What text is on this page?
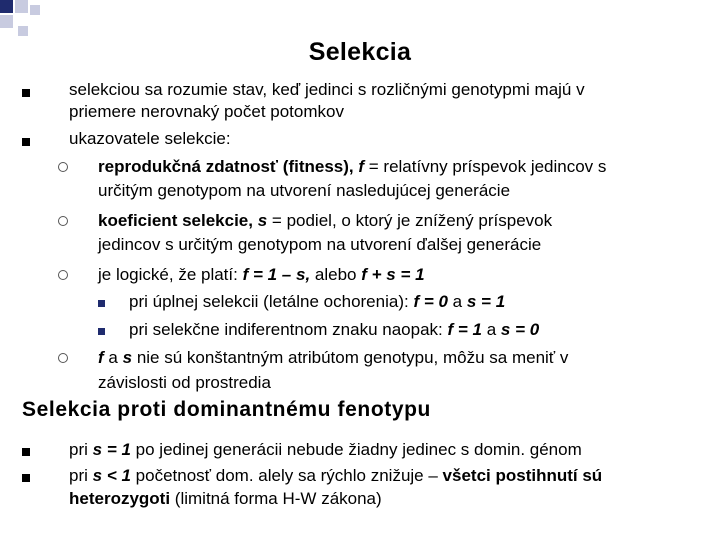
Selekcia
selekciou sa rozumie stav, keď jedinci s rozličnými genotypmi majú v
priemere nerovnaký počet potomkov
ukazovatele selekcie:
reprodukčná zdatnosť (fitness), f = relatívny príspevok jedincov s
určitým genotypom na utvorení nasledujúcej generácie
koeficient selekcie, s = podiel, o ktorý je znížený príspevok
jedincov s určitým genotypom na utvorení ďalšej generácie
je logické, že platí: f = 1 – s, alebo f + s = 1
pri úplnej selekcii (letálne ochorenia): f = 0 a s = 1
pri selekčne indiferentnom znaku naopak: f = 1 a s = 0
f a s nie sú konštantným atribútom genotypu, môžu sa meniť v
závislosti od prostredia
Selekcia proti dominantnému fenotypu
pri s = 1 po jedinej generácii nebude žiadny jedinec s domin. génom
pri s < 1 početnosť dom. alely sa rýchlo znižuje – všetci postihnutí sú
heterozygoti (limitná forma H-W zákona)
